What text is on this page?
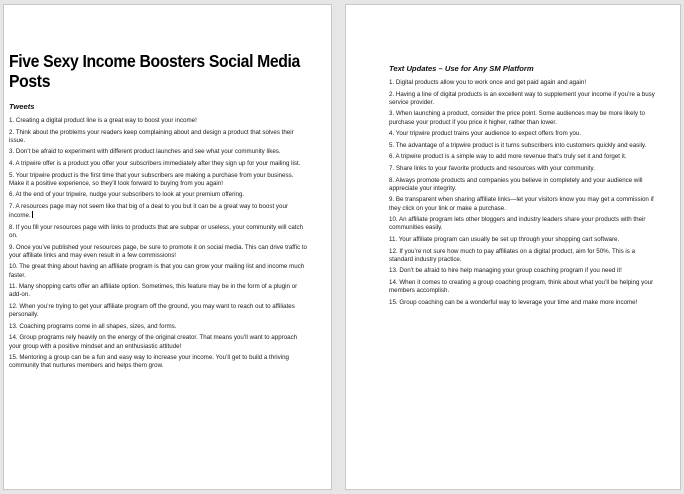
Five Sexy Income Boosters Social Media Posts
Tweets
1. Creating a digital product line is a great way to boost your income!
2. Think about the problems your readers keep complaining about and design a product that solves their issue.
3. Don’t be afraid to experiment with different product launches and see what your community likes.
4. A tripwire offer is a product you offer your subscribers immediately after they sign up for your mailing list.
5. Your tripwire product is the first time that your subscribers are making a purchase from your business. Make it a positive experience, so they’ll look forward to buying from you again!
6. At the end of your tripwire, nudge your subscribers to look at your premium offering.
7. A resources page may not seem like that big of a deal to you but it can be a great way to boost your income.
8. If you fill your resources page with links to products that are subpar or useless, your community will catch on.
9. Once you’ve published your resources page, be sure to promote it on social media. This can drive traffic to your affiliate links and may even result in a few commissions!
10. The great thing about having an affiliate program is that you can grow your mailing list and income much faster.
11. Many shopping carts offer an affiliate option. Sometimes, this feature may be in the form of a plugin or add-on.
12. When you’re trying to get your affiliate program off the ground, you may want to reach out to affiliates personally.
13. Coaching programs come in all shapes, sizes, and forms.
14. Group programs rely heavily on the energy of the original creator. That means you’ll want to approach your group with a positive mindset and an enthusiastic attitude!
15. Mentoring a group can be a fun and easy way to increase your income. You’ll get to build a thriving community that nurtures members and helps them grow.
Text Updates – Use for Any SM Platform
1. Digital products allow you to work once and get paid again and again!
2. Having a line of digital products is an excellent way to supplement your income if you’re a busy service provider.
3. When launching a product, consider the price point. Some audiences may be more likely to purchase your product if you price it higher, rather than lower.
4. Your tripwire product trains your audience to expect offers from you.
5. The advantage of a tripwire product is it turns subscribers into customers quickly and easily.
6. A tripwire product is a simple way to add more revenue that’s truly set it and forget it.
7. Share links to your favorite products and resources with your community.
8. Always promote products and companies you believe in completely and your audience will appreciate your integrity.
9. Be transparent when sharing affiliate links—let your visitors know you may get a commission if they click on your link or make a purchase.
10. An affiliate program lets other bloggers and industry leaders share your products with their communities easily.
11. Your affiliate program can usually be set up through your shopping cart software.
12. If you’re not sure how much to pay affiliates on a digital product, aim for 50%. This is a standard industry practice.
13. Don’t be afraid to hire help managing your group coaching program if you need it!
14. When it comes to creating a group coaching program, think about what you’ll be helping your members accomplish.
15. Group coaching can be a wonderful way to leverage your time and make more income!
